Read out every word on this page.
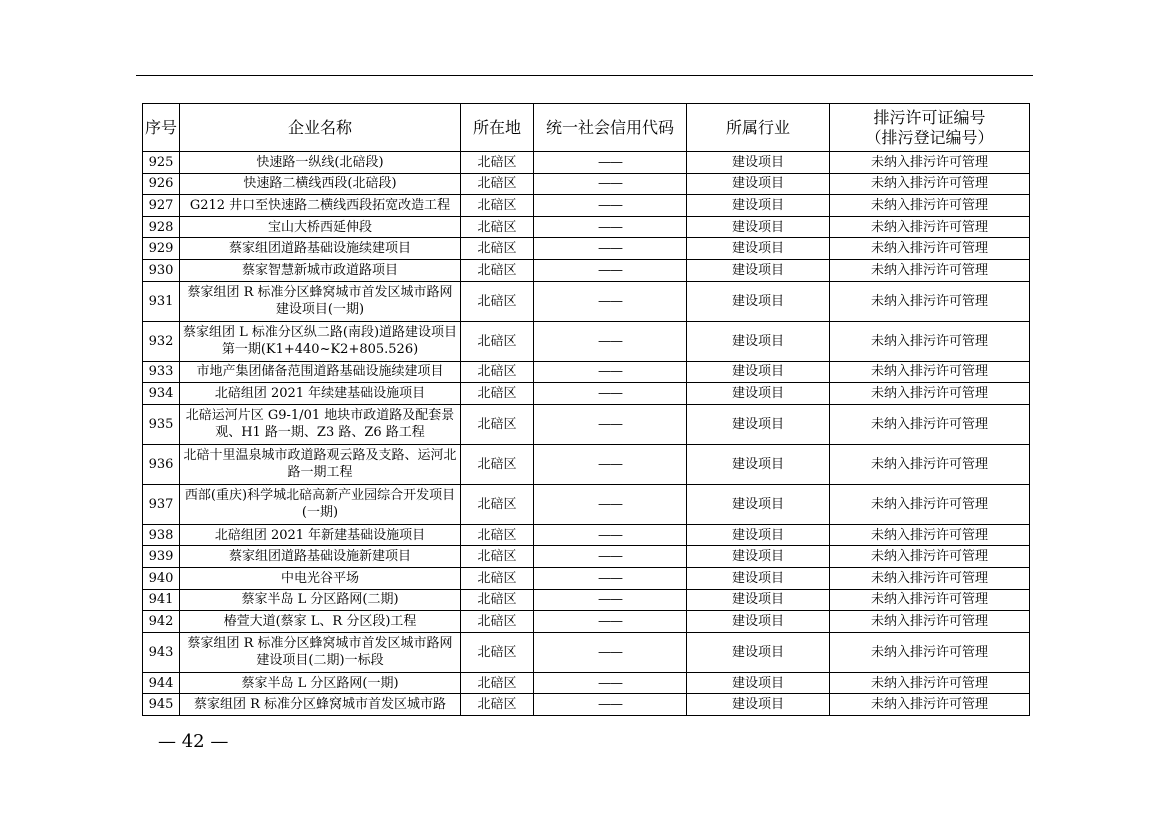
序号	企业名称	所在地	统一社会信用代码	所属行业	排污许可证编号
（排污登记编号）

925	快速路一纵线(北碚段)	北碚区	——	建设项目	未纳入排污许可管理
926	快速路二横线西段(北碚段)	北碚区	——	建设项目	未纳入排污许可管理
927	G212 井口至快速路二横线西段拓宽改造工程	北碚区	——	建设项目	未纳入排污许可管理
928	宝山大桥西延伸段	北碚区	——	建设项目	未纳入排污许可管理
929	蔡家组团道路基础设施续建项目	北碚区	——	建设项目	未纳入排污许可管理
930	蔡家智慧新城市政道路项目	北碚区	——	建设项目	未纳入排污许可管理
931	蔡家组团 R 标准分区蜂窝城市首发区城市路网建设项目(一期)	北碚区	——	建设项目	未纳入排污许可管理
932	蔡家组团 L 标准分区纵二路(南段)道路建设项目第一期(K1+440~K2+805.526)	北碚区	——	建设项目	未纳入排污许可管理
933	市地产集团储备范围道路基础设施续建项目	北碚区	——	建设项目	未纳入排污许可管理
934	北碚组团 2021 年续建基础设施项目	北碚区	——	建设项目	未纳入排污许可管理
935	北碚运河片区 G9-1/01 地块市政道路及配套景观、H1 路一期、Z3 路、Z6 路工程	北碚区	——	建设项目	未纳入排污许可管理
936	北碚十里温泉城市政道路观云路及支路、运河北路一期工程	北碚区	——	建设项目	未纳入排污许可管理
937	西部(重庆)科学城北碚高新产业园综合开发项目(一期)	北碚区	——	建设项目	未纳入排污许可管理
938	北碚组团 2021 年新建基础设施项目	北碚区	——	建设项目	未纳入排污许可管理
939	蔡家组团道路基础设施新建项目	北碚区	——	建设项目	未纳入排污许可管理
940	中电光谷平场	北碚区	——	建设项目	未纳入排污许可管理
941	蔡家半岛 L 分区路网(二期)	北碚区	——	建设项目	未纳入排污许可管理
942	椿萱大道(蔡家 L、R 分区段)工程	北碚区	——	建设项目	未纳入排污许可管理
943	蔡家组团 R 标准分区蜂窝城市首发区城市路网建设项目(二期)一标段	北碚区	——	建设项目	未纳入排污许可管理
944	蔡家半岛 L 分区路网(一期)	北碚区	——	建设项目	未纳入排污许可管理
945	蔡家组团 R 标准分区蜂窝城市首发区城市路	北碚区	——	建设项目	未纳入排污许可管理
— 42 —
